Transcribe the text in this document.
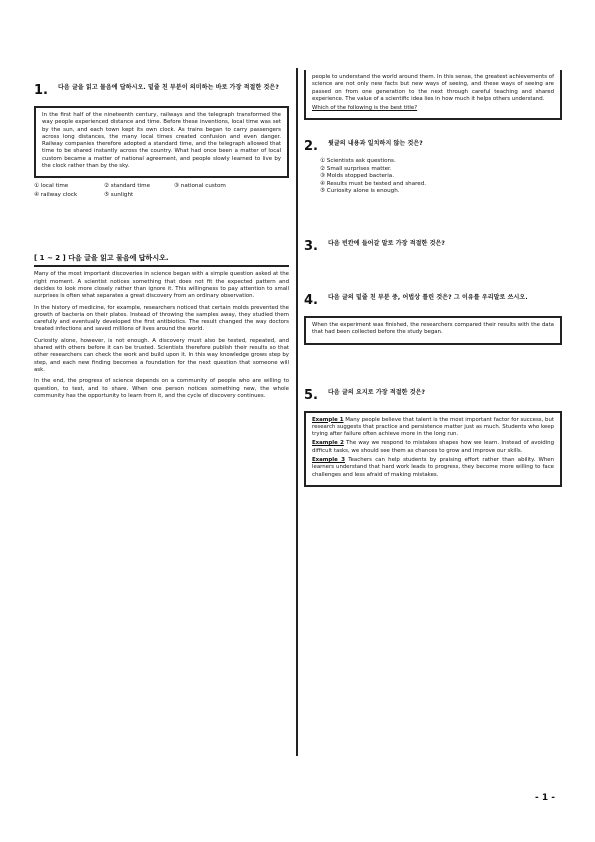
1. 다음 글을 읽고 물음에 답하시오. 밑줄 친 부분이 의미하는 바로 가장 적절한 것은?

In the first half of the nineteenth century, railways and the telegraph transformed the way people experienced distance and time. Before these inventions, local time was set by the sun, and each town kept its own clock. As trains began to carry passengers across long distances, the many local times created confusion and even danger. Railway companies therefore adopted a standard time, and the telegraph allowed that time to be shared instantly across the country. What had once been a matter of local custom became a matter of national agreement, and people slowly learned to live by the clock rather than by the sky.

① local time	② standard time	③ national custom
④ railway clock	⑤ sunlight
[ 1 ~ 2 ] 다음 글을 읽고 물음에 답하시오.

Many of the most important discoveries in science began with a simple question asked at the right moment. A scientist notices something that does not fit the expected pattern and decides to look more closely rather than ignore it. This willingness to pay attention to small surprises is often what separates a great discovery from an ordinary observation.

In the history of medicine, for example, researchers noticed that certain molds prevented the growth of bacteria on their plates. Instead of throwing the samples away, they studied them carefully and eventually developed the first antibiotics. The result changed the way doctors treated infections and saved millions of lives around the world.

Curiosity alone, however, is not enough. A discovery must also be tested, repeated, and shared with others before it can be trusted. Scientists therefore publish their results so that other researchers can check the work and build upon it. In this way knowledge grows step by step, and each new finding becomes a foundation for the next question that someone will ask.

In the end, the progress of science depends on a community of people who are willing to question, to test, and to share. When one person notices something new, the whole community has the opportunity to learn from it, and the cycle of discovery continues.

people to understand the world around them. In this sense, the greatest achievements of science are not only new facts but new ways of seeing, and these ways of seeing are passed on from one generation to the next through careful teaching and shared experience. The value of a scientific idea lies in how much it helps others understand.

Which of the following is the best title?

2. 윗글의 내용과 일치하지 않는 것은?
① Scientists ask questions.
② Small surprises matter.
③ Molds stopped bacteria.
④ Results must be tested and shared.
⑤ Curiosity alone is enough.
3. 다음 빈칸에 들어갈 말로 가장 적절한 것은?
4. 다음 글의 밑줄 친 부분 중, 어법상 틀린 것은? 그 이유를 우리말로 쓰시오.

When the experiment was finished, the researchers compared their results with the data that had been collected before the study began.

5. 다음 글의 요지로 가장 적절한 것은?

Example 1 Many people believe that talent is the most important factor for success, but research suggests that practice and persistence matter just as much. Students who keep trying after failure often achieve more in the long run.

Example 2 The way we respond to mistakes shapes how we learn. Instead of avoiding difficult tasks, we should see them as chances to grow and improve our skills.

Example 3 Teachers can help students by praising effort rather than ability. When learners understand that hard work leads to progress, they become more willing to face challenges and less afraid of making mistakes.

- 1 -
